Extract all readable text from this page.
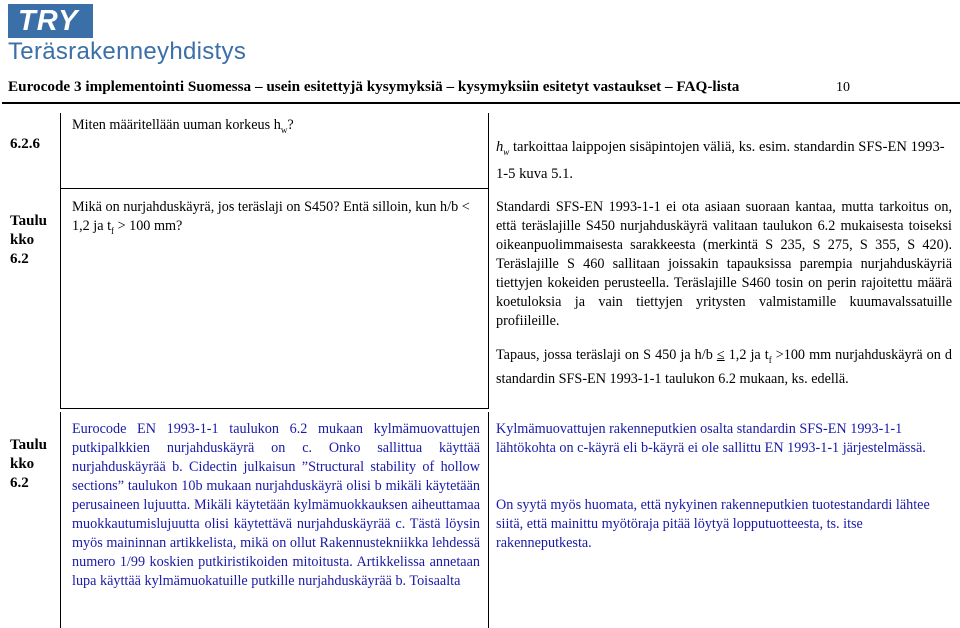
TRY
Teräsrakenneyhdistys
Eurocode 3 implementointi Suomessa – usein esitettyjä kysymyksiä – kysymyksiin esitetyt vastaukset – FAQ-lista	10
6.2.6
Miten määritellään uuman korkeus $h_w$?
$h_w$ tarkoittaa laippojen sisäpintojen väliä, ks. esim. standardin SFS-EN 1993-1-5 kuva 5.1.
Taulu
kko
6.2
Mikä on nurjahduskäyrä, jos teräslaji on S450? Entä silloin, kun h/b < 1,2 ja $t_f > 100$ mm?
Standardi SFS-EN 1993-1-1 ei ota asiaan suoraan kantaa, mutta tarkoitus on, että teräslajille S450 nurjahduskäyrä valitaan taulukon 6.2 mukaisesta toiseksi oikeanpuolimmaisesta sarakkeesta (merkintä S 235, S 275, S 355, S 420). Teräslajille S 460 sallitaan joissakin tapauksissa parempia nurjahduskäyriä tiettyjen kokeiden perusteella. Teräslajille S460 tosin on perin rajoitettu määrä koetuloksia ja vain tiettyjen yritysten valmistamille kuumavalssatuille profiileille.
Tapaus, jossa teräslaji on S 450 ja h/b ≤ 1,2 ja $t_f >100$ mm nurjahduskäyrä on d standardin SFS-EN 1993-1-1 taulukon 6.2 mukaan, ks. edellä.
Taulu
kko
6.2
Eurocode EN 1993-1-1 taulukon 6.2 mukaan kylmämuovattujen putkipalkkien nurjahduskäyrä on c. Onko sallittua käyttää nurjahduskäyrää b. Cidectin julkaisun ”Structural stability of hollow sections” taulukon 10b mukaan nurjahduskäyrä olisi b mikäli käytetään perusaineen lujuutta. Mikäli käytetään kylmämuokkauksen aiheuttamaa muokkautumislujuutta olisi käytettävä nurjahduskäyrää c. Tästä löysin myös maininnan artikkelista, mikä on ollut Rakennustekniikka lehdessä numero 1/99 koskien putkiristikoiden mitoitusta. Artikkelissa annetaan lupa käyttää kylmämuokatuille putkille nurjahduskäyrää b. Toisaalta
Kylmämuovattujen rakenneputkien osalta standardin SFS-EN 1993-1-1 lähtökohta on c-käyrä eli b-käyrä ei ole sallittu EN 1993-1-1 järjestelmässä.
On syytä myös huomata, että nykyinen rakenneputkien tuotestandardi lähtee siitä, että mainittu myötöraja pitää löytyä lopputuotteesta, ts. itse rakenneputkesta.
